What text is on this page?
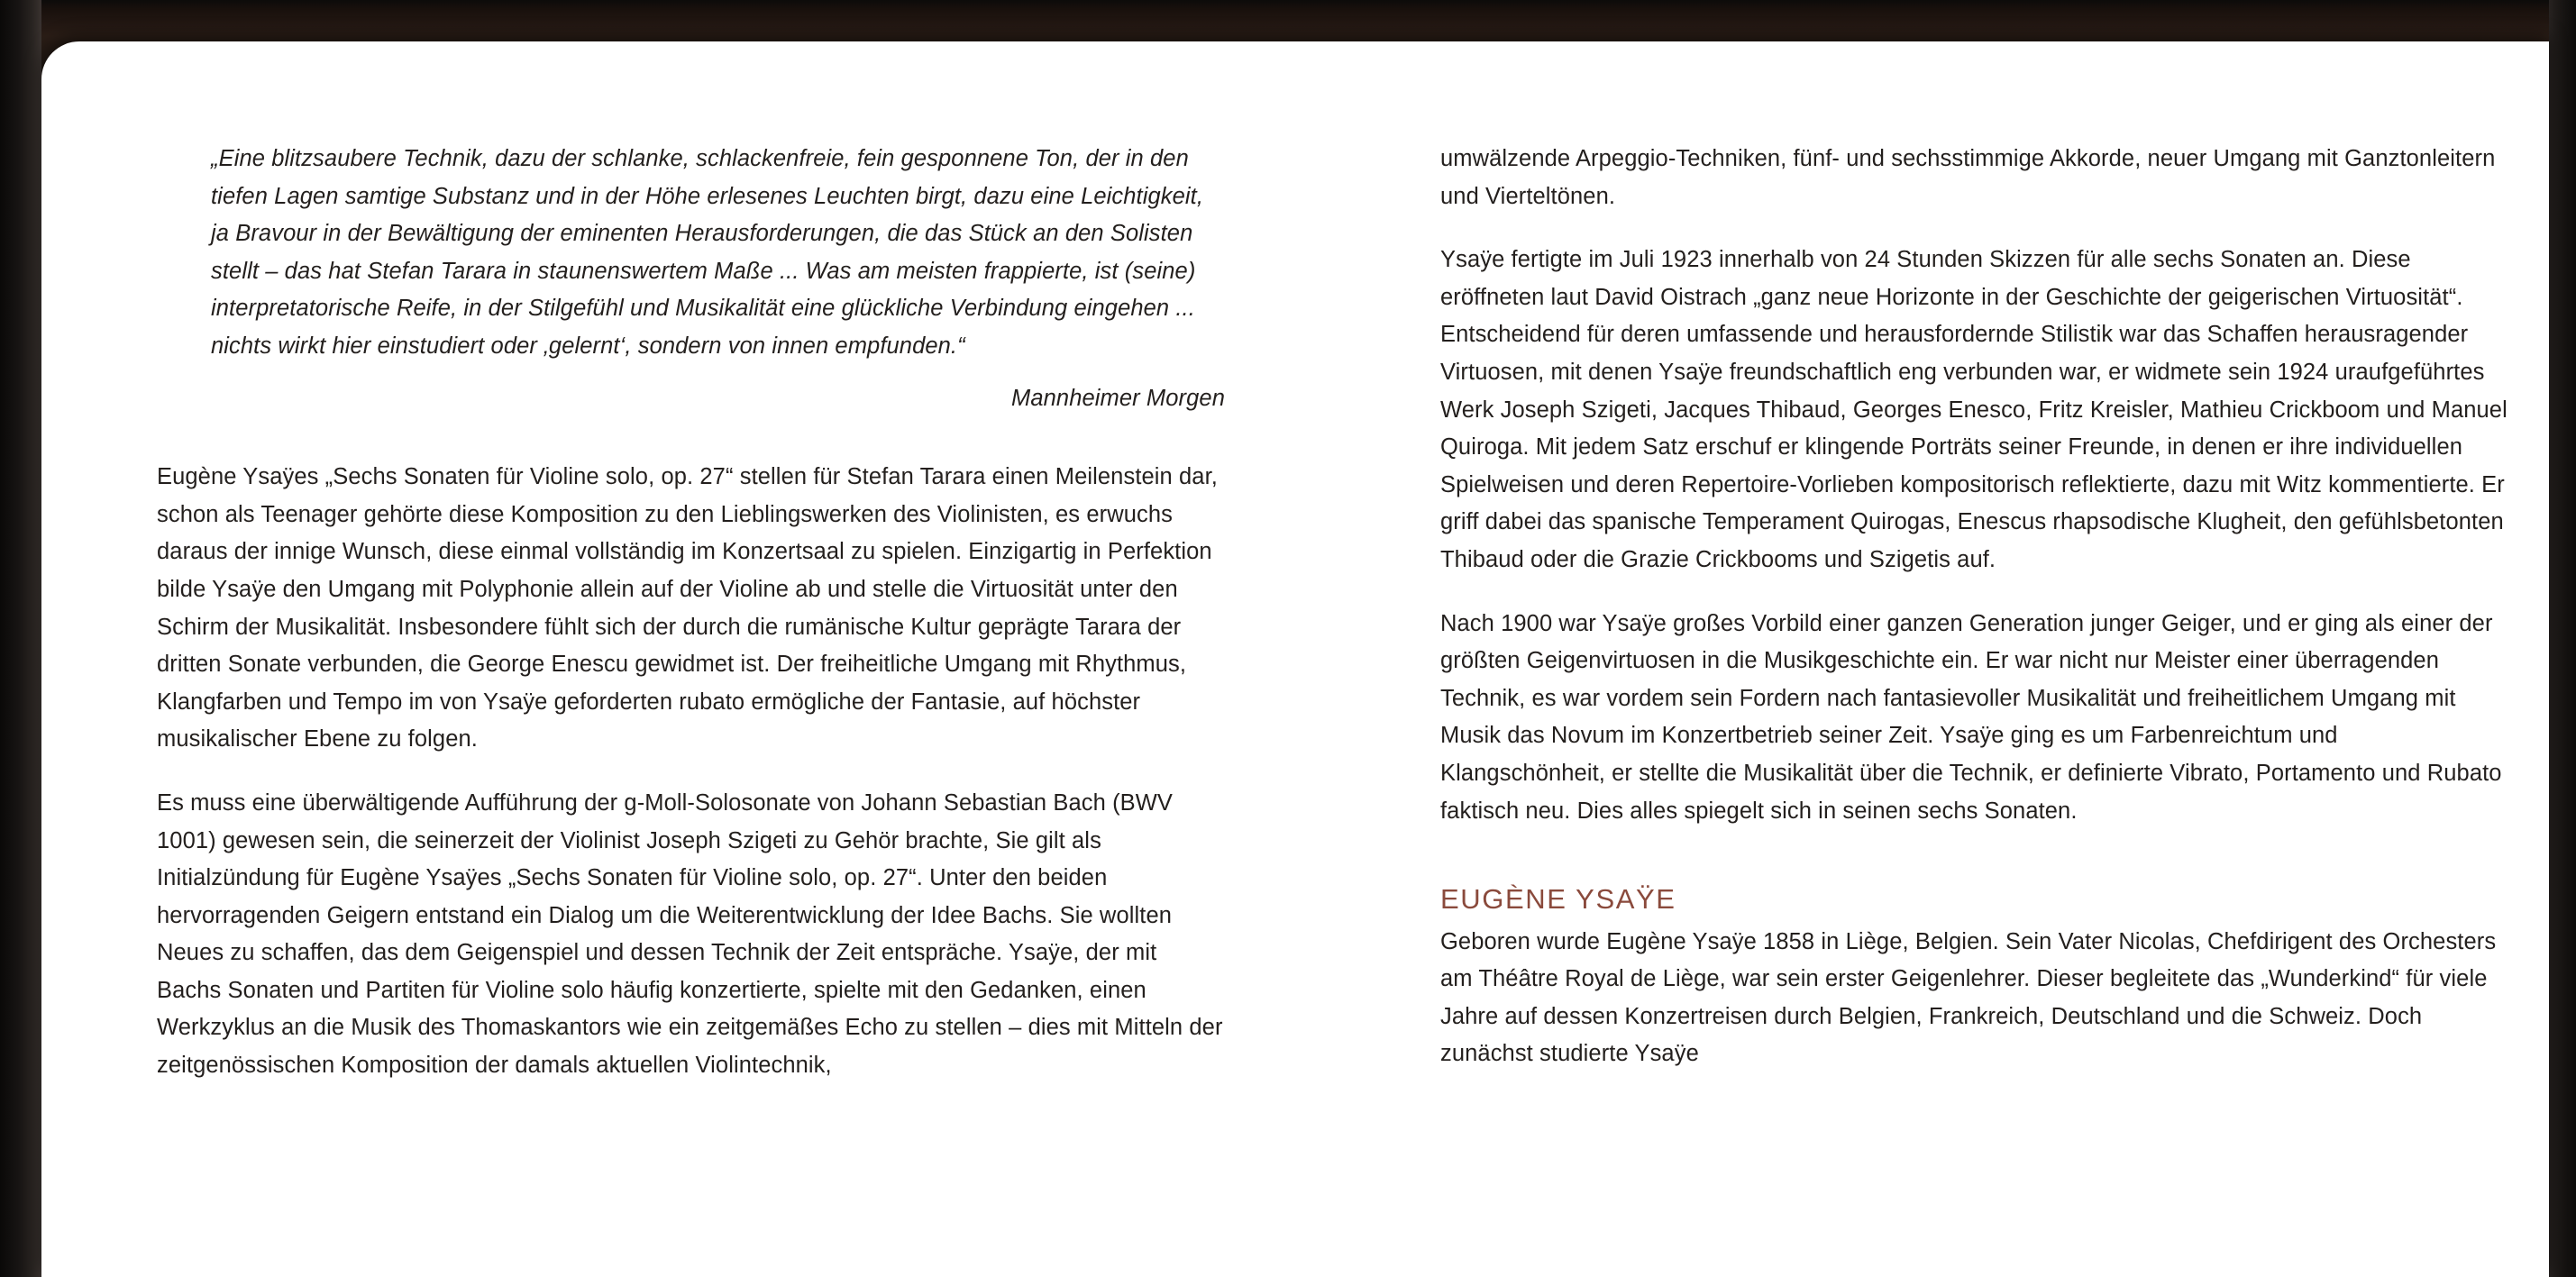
„Eine blitzsaubere Technik, dazu der schlanke, schlackenfreie, fein gesponnene Ton, der in den tiefen Lagen samtige Substanz und in der Höhe erlesenes Leuchten birgt, dazu eine Leichtigkeit, ja Bravour in der Bewältigung der eminenten Herausforderungen, die das Stück an den Solisten stellt – das hat Stefan Tarara in staunenswertem Maße ... Was am meisten frappierte, ist (seine) interpretatorische Reife, in der Stilgefühl und Musikalität eine glückliche Verbindung eingehen ... nichts wirkt hier einstudiert oder ‚gelernt‘, sondern von innen empfunden.“

Mannheimer Morgen

Eugène Ysaÿes „Sechs Sonaten für Violine solo, op. 27“ stellen für Stefan Tarara einen Meilenstein dar, schon als Teenager gehörte diese Komposition zu den Lieblingswerken des Violinisten, es erwuchs daraus der innige Wunsch, diese einmal vollständig im Konzertsaal zu spielen. Einzigartig in Perfektion bilde Ysaÿe den Umgang mit Polyphonie allein auf der Violine ab und stelle die Virtuosität unter den Schirm der Musikalität. Insbesondere fühlt sich der durch die rumänische Kultur geprägte Tarara der dritten Sonate verbunden, die George Enescu gewidmet ist. Der freiheitliche Umgang mit Rhythmus, Klangfarben und Tempo im von Ysaÿe geforderten rubato ermögliche der Fantasie, auf höchster musikalischer Ebene zu folgen.

Es muss eine überwältigende Aufführung der g-Moll-Solosonate von Johann Sebastian Bach (BWV 1001) gewesen sein, die seinerzeit der Violinist Joseph Szigeti zu Gehör brachte, Sie gilt als Initialzündung für Eugène Ysaÿes „Sechs Sonaten für Violine solo, op. 27“. Unter den beiden hervorragenden Geigern entstand ein Dialog um die Weiterentwicklung der Idee Bachs. Sie wollten Neues zu schaffen, das dem Geigenspiel und dessen Technik der Zeit entspräche. Ysaÿe, der mit Bachs Sonaten und Partiten für Violine solo häufig konzertierte, spielte mit den Gedanken, einen Werkzyklus an die Musik des Thomaskantors wie ein zeitgemäßes Echo zu stellen – dies mit Mitteln der zeitgenössischen Komposition der damals aktuellen Violintechnik,

umwälzende Arpeggio-Techniken, fünf- und sechsstimmige Akkorde, neuer Umgang mit Ganztonleitern und Vierteltönen.

Ysaÿe fertigte im Juli 1923 innerhalb von 24 Stunden Skizzen für alle sechs Sonaten an. Diese eröffneten laut David Oistrach „ganz neue Horizonte in der Geschichte der geigerischen Virtuosität“. Entscheidend für deren umfassende und herausfordernde Stilistik war das Schaffen herausragender Virtuosen, mit denen Ysaÿe freundschaftlich eng verbunden war, er widmete sein 1924 uraufgeführtes Werk Joseph Szigeti, Jacques Thibaud, Georges Enesco, Fritz Kreisler, Mathieu Crickboom und Manuel Quiroga. Mit jedem Satz erschuf er klingende Porträts seiner Freunde, in denen er ihre individuellen Spielweisen und deren Repertoire-Vorlieben kompositorisch reflektierte, dazu mit Witz kommentierte. Er griff dabei das spanische Temperament Quirogas, Enescus rhapsodische Klugheit, den gefühlsbetonten Thibaud oder die Grazie Crickbooms und Szigetis auf.

Nach 1900 war Ysaÿe großes Vorbild einer ganzen Generation junger Geiger, und er ging als einer der größten Geigenvirtuosen in die Musikgeschichte ein. Er war nicht nur Meister einer überragenden Technik, es war vordem sein Fordern nach fantasievoller Musikalität und freiheitlichem Umgang mit Musik das Novum im Konzertbetrieb seiner Zeit. Ysaÿe ging es um Farbenreichtum und Klangschönheit, er stellte die Musikalität über die Technik, er definierte Vibrato, Portamento und Rubato faktisch neu. Dies alles spiegelt sich in seinen sechs Sonaten.

EUGÈNE YSAŸE

Geboren wurde Eugène Ysaÿe 1858 in Liège, Belgien. Sein Vater Nicolas, Chefdirigent des Orchesters am Théâtre Royal de Liège, war sein erster Geigenlehrer. Dieser begleitete das „Wunderkind“ für viele Jahre auf dessen Konzertreisen durch Belgien, Frankreich, Deutschland und die Schweiz. Doch zunächst studierte Ysaÿe
